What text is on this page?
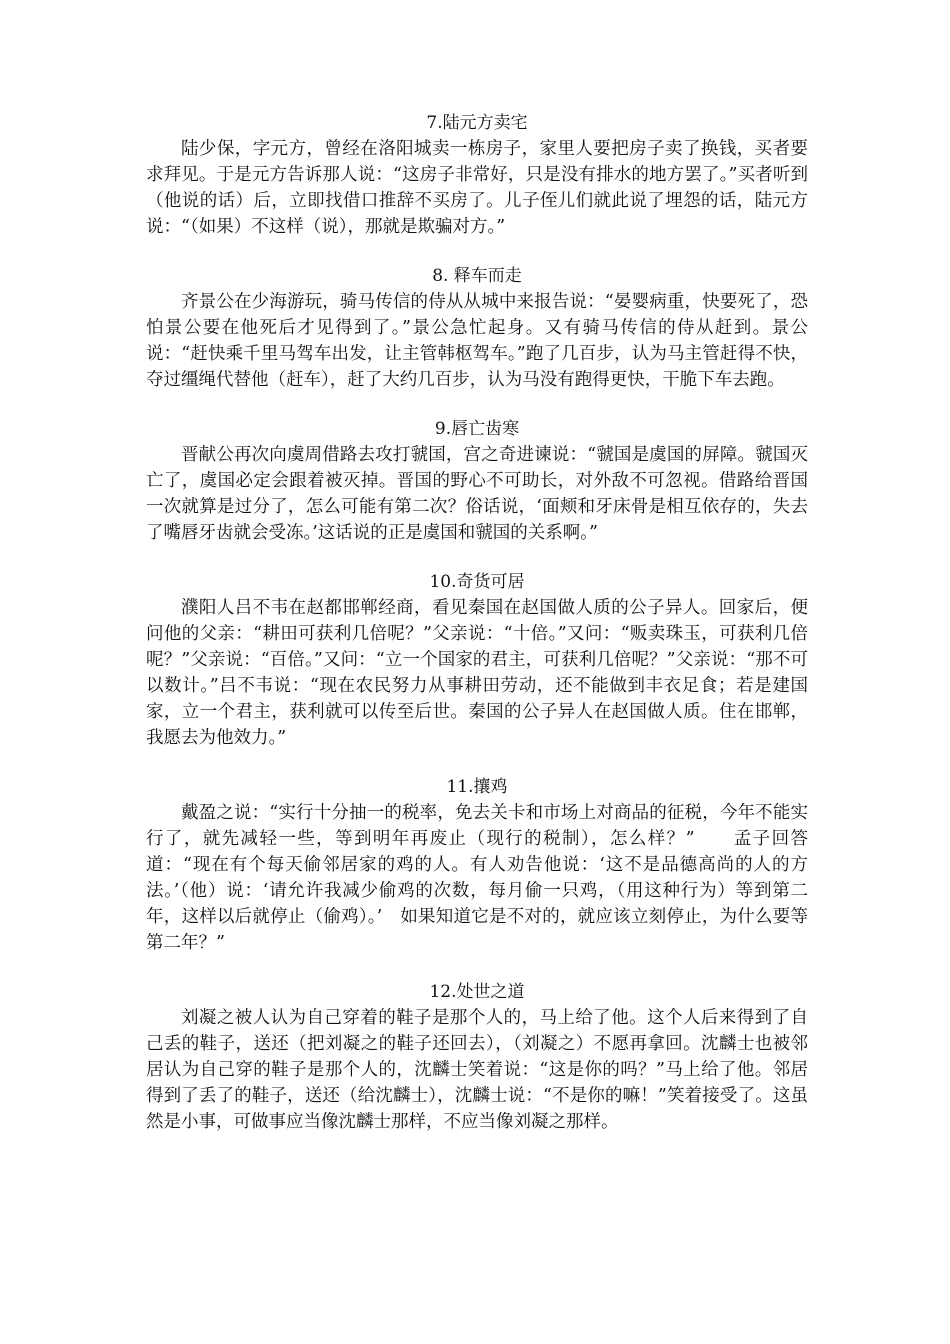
7.陆元方卖宅

陆少保，字元方，曾经在洛阳城卖一栋房子，家里人要把房子卖了换钱，买者要求拜见。于是元方告诉那人说：“这房子非常好，只是没有排水的地方罢了。”买者听到（他说的话）后，立即找借口推辞不买房了。儿子侄儿们就此说了埋怨的话，陆元方说：“（如果）不这样（说），那就是欺骗对方。”

8. 释车而走

齐景公在少海游玩，骑马传信的侍从从城中来报告说：“晏婴病重，快要死了，恐怕景公要在他死后才见得到了。”景公急忙起身。又有骑马传信的侍从赶到。景公说：“赶快乘千里马驾车出发，让主管韩枢驾车。”跑了几百步，认为马主管赶得不快，夺过缰绳代替他（赶车），赶了大约几百步，认为马没有跑得更快，干脆下车去跑。

9.唇亡齿寒

晋献公再次向虞周借路去攻打虢国，宫之奇进谏说：“虢国是虞国的屏障。虢国灭亡了，虞国必定会跟着被灭掉。晋国的野心不可助长，对外敌不可忽视。借路给晋国一次就算是过分了，怎么可能有第二次？俗话说，‘面颊和牙床骨是相互依存的，失去了嘴唇牙齿就会受冻。’这话说的正是虞国和虢国的关系啊。”

10.奇货可居

濮阳人吕不韦在赵都邯郸经商，看见秦国在赵国做人质的公子异人。回家后，便问他的父亲：“耕田可获利几倍呢？”父亲说：“十倍。”又问：“贩卖珠玉，可获利几倍呢？”父亲说：“百倍。”又问：“立一个国家的君主，可获利几倍呢？”父亲说：“那不可以数计。”吕不韦说：“现在农民努力从事耕田劳动，还不能做到丰衣足食；若是建国家，立一个君主，获利就可以传至后世。秦国的公子异人在赵国做人质。住在邯郸，我愿去为他效力。”

11.攘鸡

戴盈之说：“实行十分抽一的税率，免去关卡和市场上对商品的征税，今年不能实行了，就先减轻一些，等到明年再废止（现行的税制），怎么样？”　　孟子回答道：“现在有个每天偷邻居家的鸡的人。有人劝告他说：‘这不是品德高尚的人的方法。’（他）说：‘请允许我减少偷鸡的次数，每月偷一只鸡，（用这种行为）等到第二年，这样以后就停止（偷鸡）。’　如果知道它是不对的，就应该立刻停止，为什么要等第二年？”

12.处世之道

刘凝之被人认为自己穿着的鞋子是那个人的，马上给了他。这个人后来得到了自己丢的鞋子，送还（把刘凝之的鞋子还回去），（刘凝之）不愿再拿回。沈麟士也被邻居认为自己穿的鞋子是那个人的，沈麟士笑着说：“这是你的吗？”马上给了他。邻居得到了丢了的鞋子，送还（给沈麟士），沈麟士说：“不是你的嘛！”笑着接受了。这虽然是小事，可做事应当像沈麟士那样，不应当像刘凝之那样。
